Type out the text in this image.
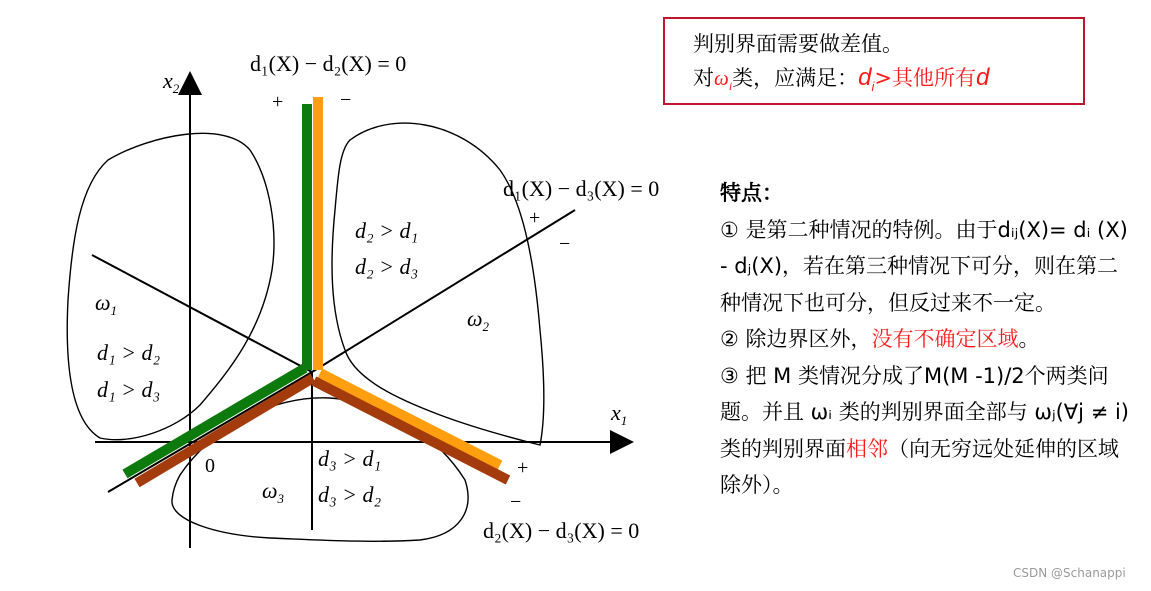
$x_2$
$x_1$
0
d₁(X) − d₂(X) = 0
d₁(X) − d₃(X) = 0
d₂(X) − d₃(X) = 0
+	−
+
−
+
−
$\omega_1$	$\omega_2$
$\omega_3$
d₁ > d₂
d₁ > d₃
d₂ > d₁
d₂ > d₃
d₃ > d₁
d₃ > d₂
判别界面需要做差值。
对$\omega_i$类，应满足：$d_i>$其他所有d

特点：

① 是第二种情况的特例。由于dᵢⱼ(X)= dᵢ (X) - dⱼ(X)，若在第三种情况下可分，则在第二种情况下也可分，但反过来不一定。

② 除边界区外，没有不确定区域。

③ 把 M 类情况分成了M(M -1)/2个两类问题。并且 ωᵢ 类的判别界面全部与 ωⱼ(∀j ≠ i) 类的判别界面相邻（向无穷远处延伸的区域除外）。

CSDN @Schanappi
